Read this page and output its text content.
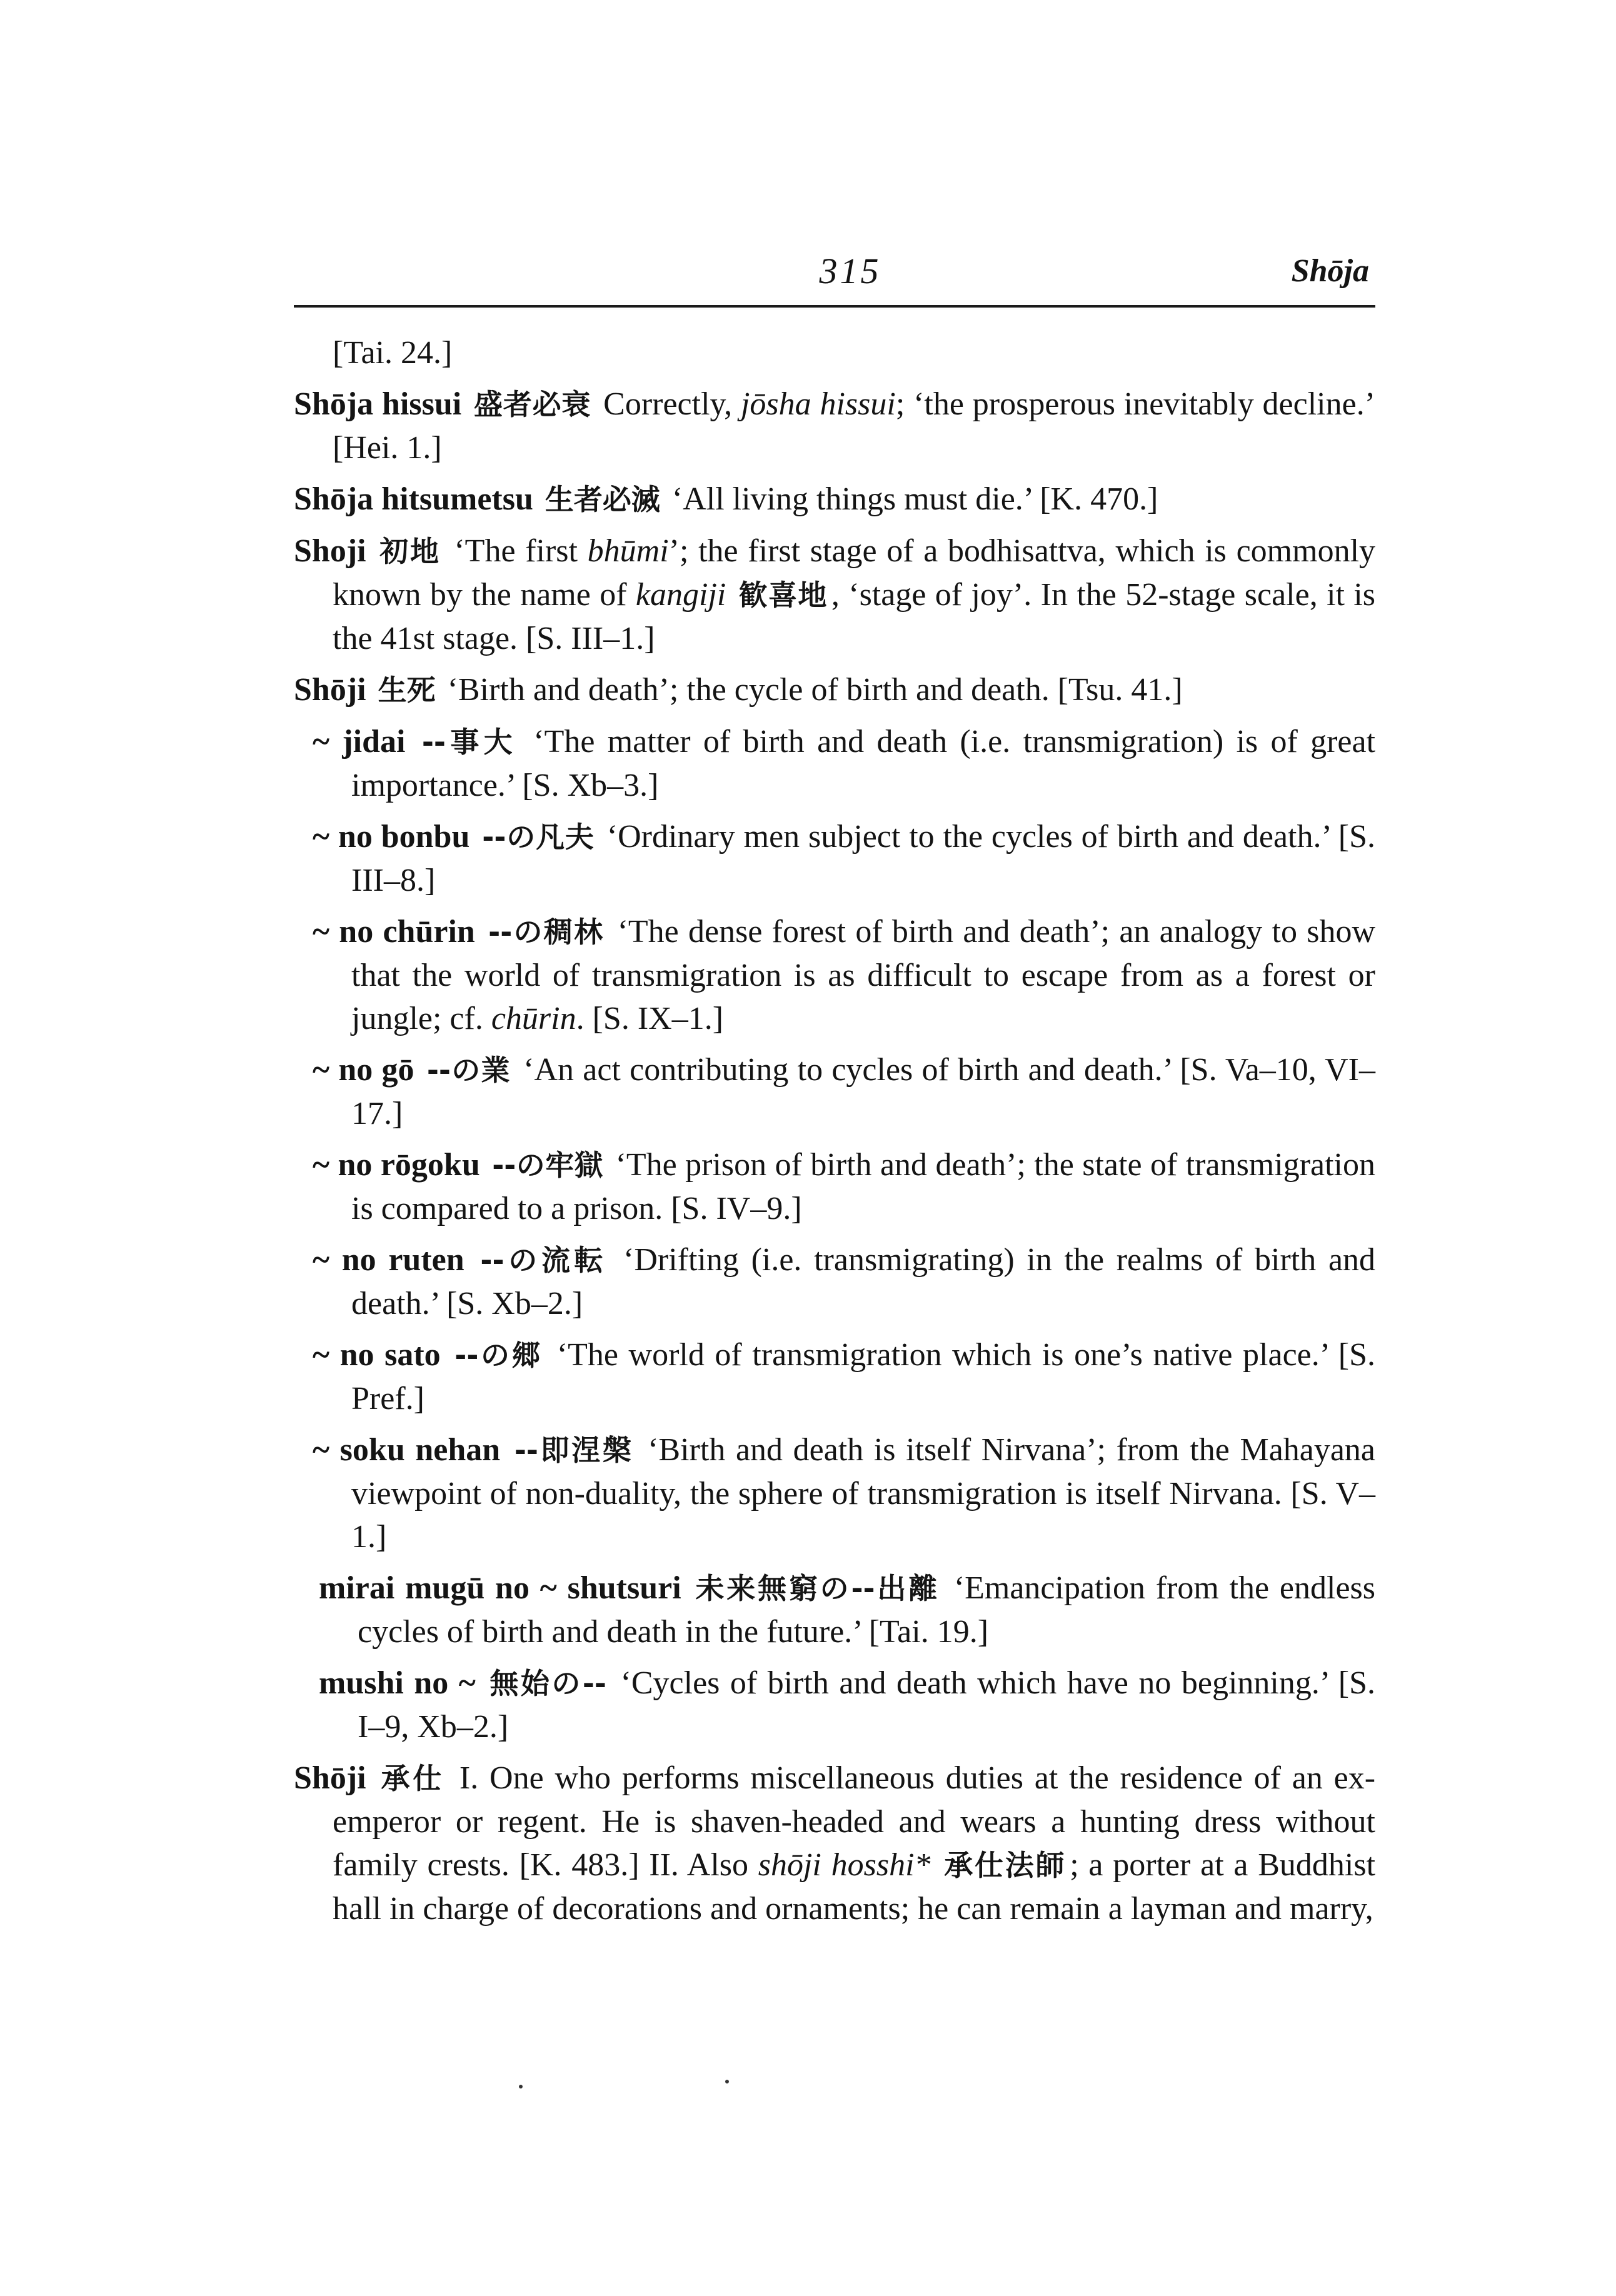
315	Shōja
[Tai. 24.]
Shōja hissui 盛者必衰 Correctly, jōsha hissui; ‘the prosperous inevitably decline.’ [Hei. 1.]
Shōja hitsumetsu 生者必滅 ‘All living things must die.’ [K. 470.]
Shoji 初地 ‘The first bhūmi’; the first stage of a bodhisattva, which is commonly known by the name of kangiji 歓喜地 , ‘stage of joy’. In the 52-stage scale, it is the 41st stage. [S. III–1.]
Shōji 生死 ‘Birth and death’; the cycle of birth and death. [Tsu. 41.]
~ jidai --事大 ‘The matter of birth and death (i.e. transmigration) is of great importance.’ [S. Xb–3.]
~ no bonbu --の凡夫 ‘Ordinary men subject to the cycles of birth and death.’ [S. III–8.]
~ no chūrin --の稠林 ‘The dense forest of birth and death’; an analogy to show that the world of transmigration is as difficult to escape from as a forest or jungle; cf. chūrin. [S. IX–1.]
~ no gō --の業 ‘An act contributing to cycles of birth and death.’ [S. Va–10, VI–17.]
~ no rōgoku --の牢獄 ‘The prison of birth and death’; the state of transmigration is compared to a prison. [S. IV–9.]
~ no ruten --の流転 ‘Drifting (i.e. transmigrating) in the realms of birth and death.’ [S. Xb–2.]
~ no sato --の郷 ‘The world of transmigration which is one’s native place.’ [S. Pref.]
~ soku nehan --即涅槃 ‘Birth and death is itself Nirvana’; from the Mahayana viewpoint of non-duality, the sphere of transmigration is itself Nirvana. [S. V–1.]
mirai mugū no ~ shutsuri 未来無窮の--出離 ‘Emancipation from the endless cycles of birth and death in the future.’ [Tai. 19.]
mushi no ~ 無始の-- ‘Cycles of birth and death which have no beginning.’ [S. I–9, Xb–2.]
Shōji 承仕 I. One who performs miscellaneous duties at the residence of an ex-emperor or regent. He is shaven-headed and wears a hunting dress without family crests. [K. 483.] II. Also shōji hosshi* 承仕法師 ; a porter at a Buddhist hall in charge of decorations and ornaments; he can remain a layman and marry,
